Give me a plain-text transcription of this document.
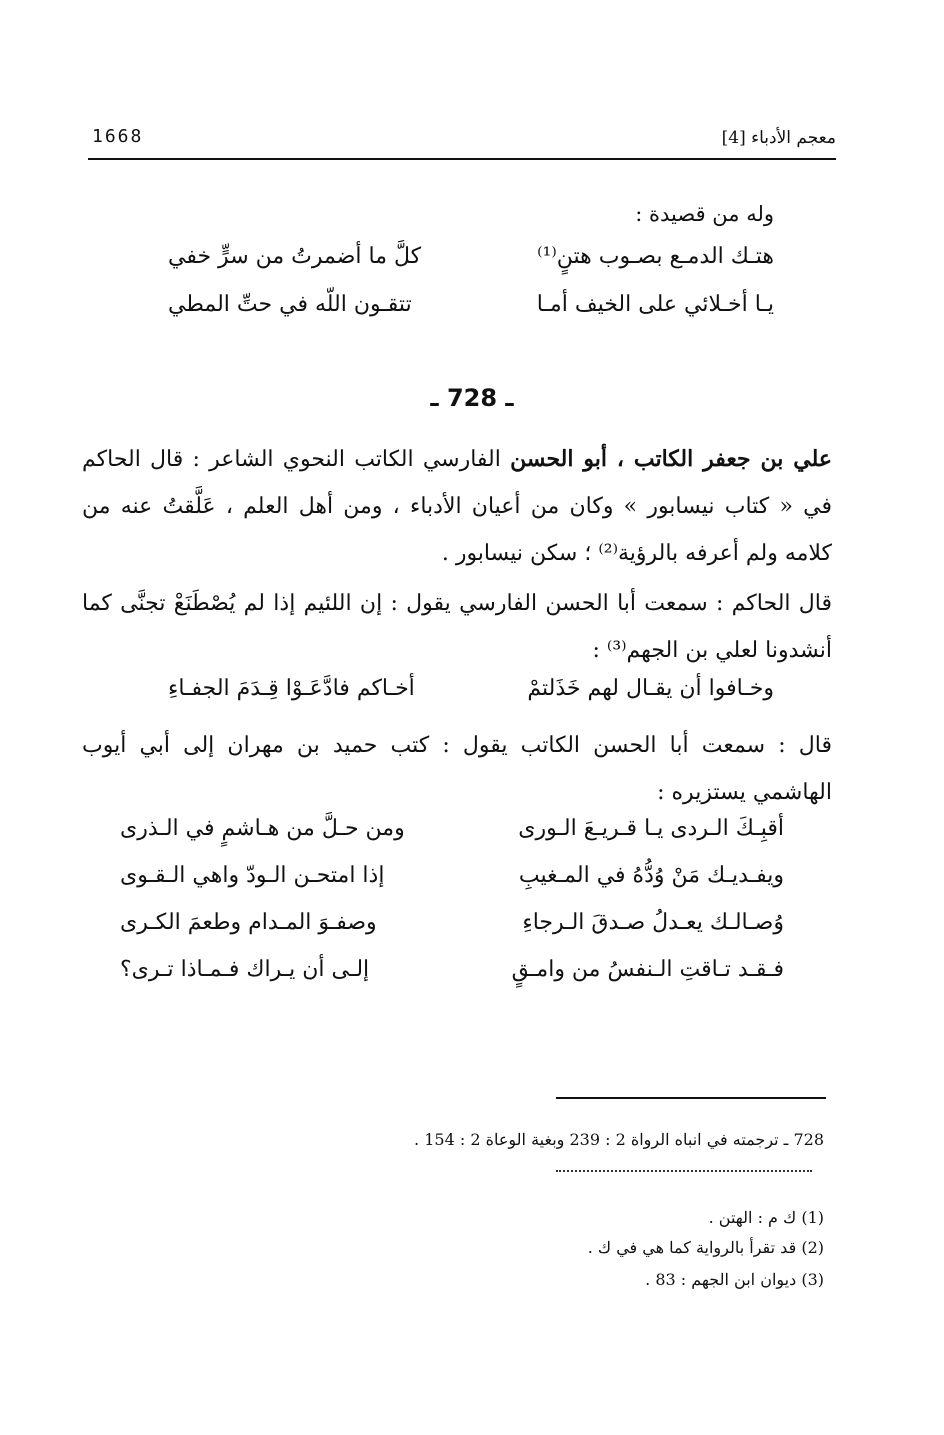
1668	معجم الأدباء [4]
وله من قصيدة :
هتـك الدمـع بصـوب هتنٍ⁽¹⁾
كلَّ ما أضمرتُ من سرٍّ خفي
يـا أخـلائي على الخيف أمـا
تتقـون اللّه في حتِّ المطي
ـ 728 ـ
علي بن جعفر الكاتب ، أبو الحسن الفارسي الكاتب النحوي الشاعر : قال الحاكم في « كتاب نيسابور » وكان من أعيان الأدباء ، ومن أهل العلم ، عَلَّقتُ عنه من كلامه ولم أعرفه بالرؤية⁽²⁾ ؛ سكن نيسابور .
قال الحاكم : سمعت أبا الحسن الفارسي يقول : إن اللئيم إذا لم يُصْطَنَعْ تجنَّى كما أنشدونا لعلي بن الجهم⁽³⁾ :
وخـافوا أن يقـال لهم خَذَلتمْ
أخـاكم فادَّعَـوْا قِـدَمَ الجفـاءِ
قال : سمعت أبا الحسن الكاتب يقول : كتب حميد بن مهران إلى أبي أيوب الهاشمي يستزيره :
أقبِـكَ الـردى يـا قـريـعَ الـورى
ومن حـلَّ من هـاشمٍ في الـذرى
ويفـديـك مَنْ وُدُّهُ في المـغيبِ
إذا امتحـن الـودّ واهي الـقـوى
وُصـالـك يعـدلُ صـدقَ الـرجاءِ
وصفـوَ المـدام وطعمَ الكـرى
فـقـد تـاقتِ الـنفسُ من وامـقٍ
إلـى أن يـراك فـمـاذا تـرى؟
728 ـ ترجمته في انباه الرواة 2 : 239 وبغية الوعاة 2 : 154 .
(1) ك م : الهتن .
(2) قد تقرأ بالرواية كما هي في ك .
(3) ديوان ابن الجهم : 83 .
